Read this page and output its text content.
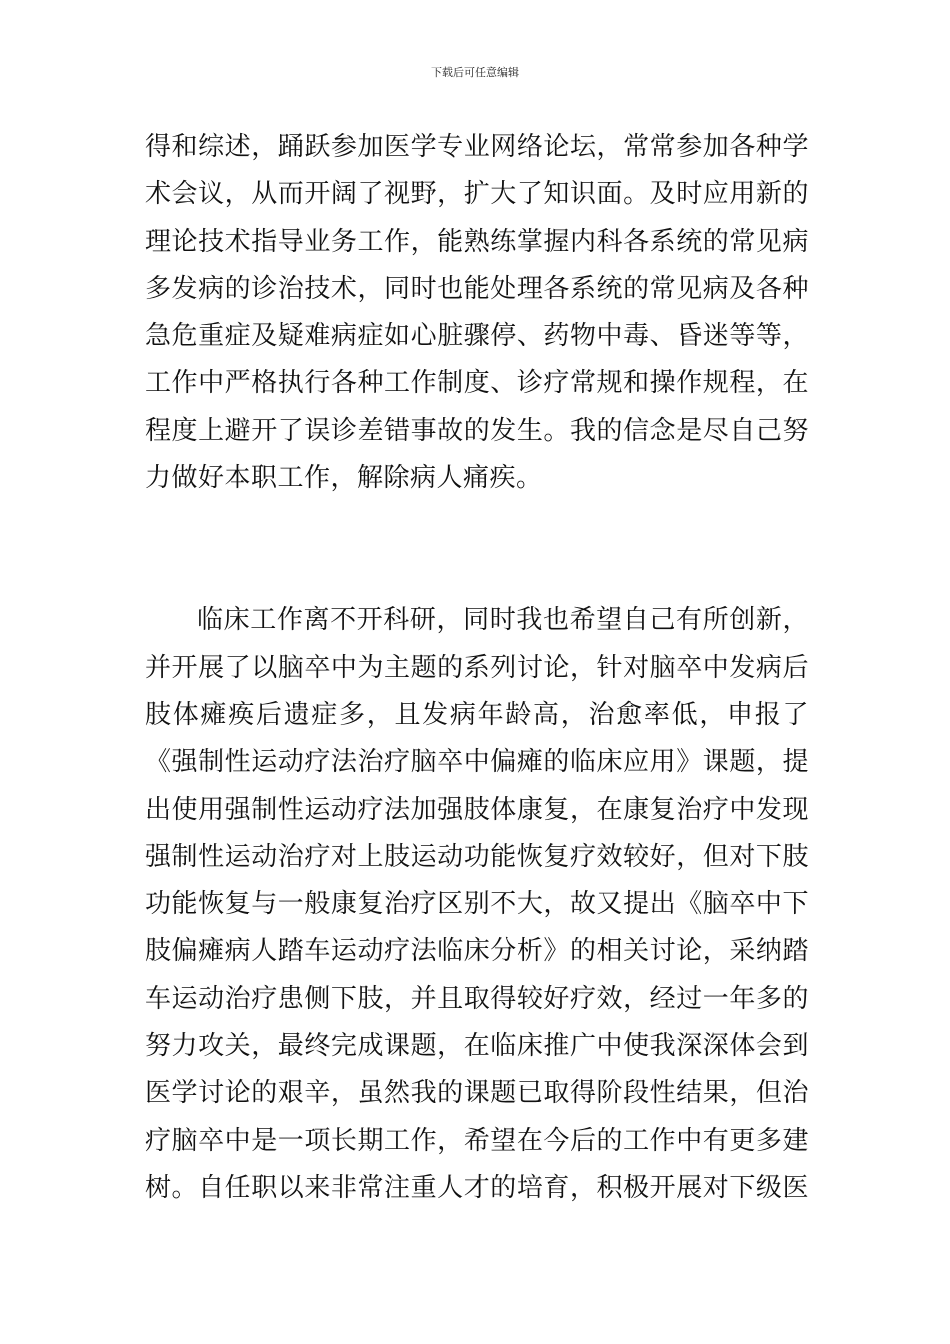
下载后可任意编辑
得和综述，踊跃参加医学专业网络论坛，常常参加各种学
术会议，从而开阔了视野，扩大了知识面。及时应用新的
理论技术指导业务工作，能熟练掌握内科各系统的常见病
多发病的诊治技术，同时也能处理各系统的常见病及各种
急危重症及疑难病症如心脏骤停、药物中毒、昏迷等等，
工作中严格执行各种工作制度、诊疗常规和操作规程，在
程度上避开了误诊差错事故的发生。我的信念是尽自己努
力做好本职工作，解除病人痛疾。
临床工作离不开科研，同时我也希望自己有所创新，
并开展了以脑卒中为主题的系列讨论，针对脑卒中发病后
肢体瘫痪后遗症多，且发病年龄高，治愈率低，申报了
《强制性运动疗法治疗脑卒中偏瘫的临床应用》课题，提
出使用强制性运动疗法加强肢体康复，在康复治疗中发现
强制性运动治疗对上肢运动功能恢复疗效较好，但对下肢
功能恢复与一般康复治疗区别不大，故又提出《脑卒中下
肢偏瘫病人踏车运动疗法临床分析》的相关讨论，采纳踏
车运动治疗患侧下肢，并且取得较好疗效，经过一年多的
努力攻关，最终完成课题，在临床推广中使我深深体会到
医学讨论的艰辛，虽然我的课题已取得阶段性结果，但治
疗脑卒中是一项长期工作，希望在今后的工作中有更多建
树。自任职以来非常注重人才的培育，积极开展对下级医
